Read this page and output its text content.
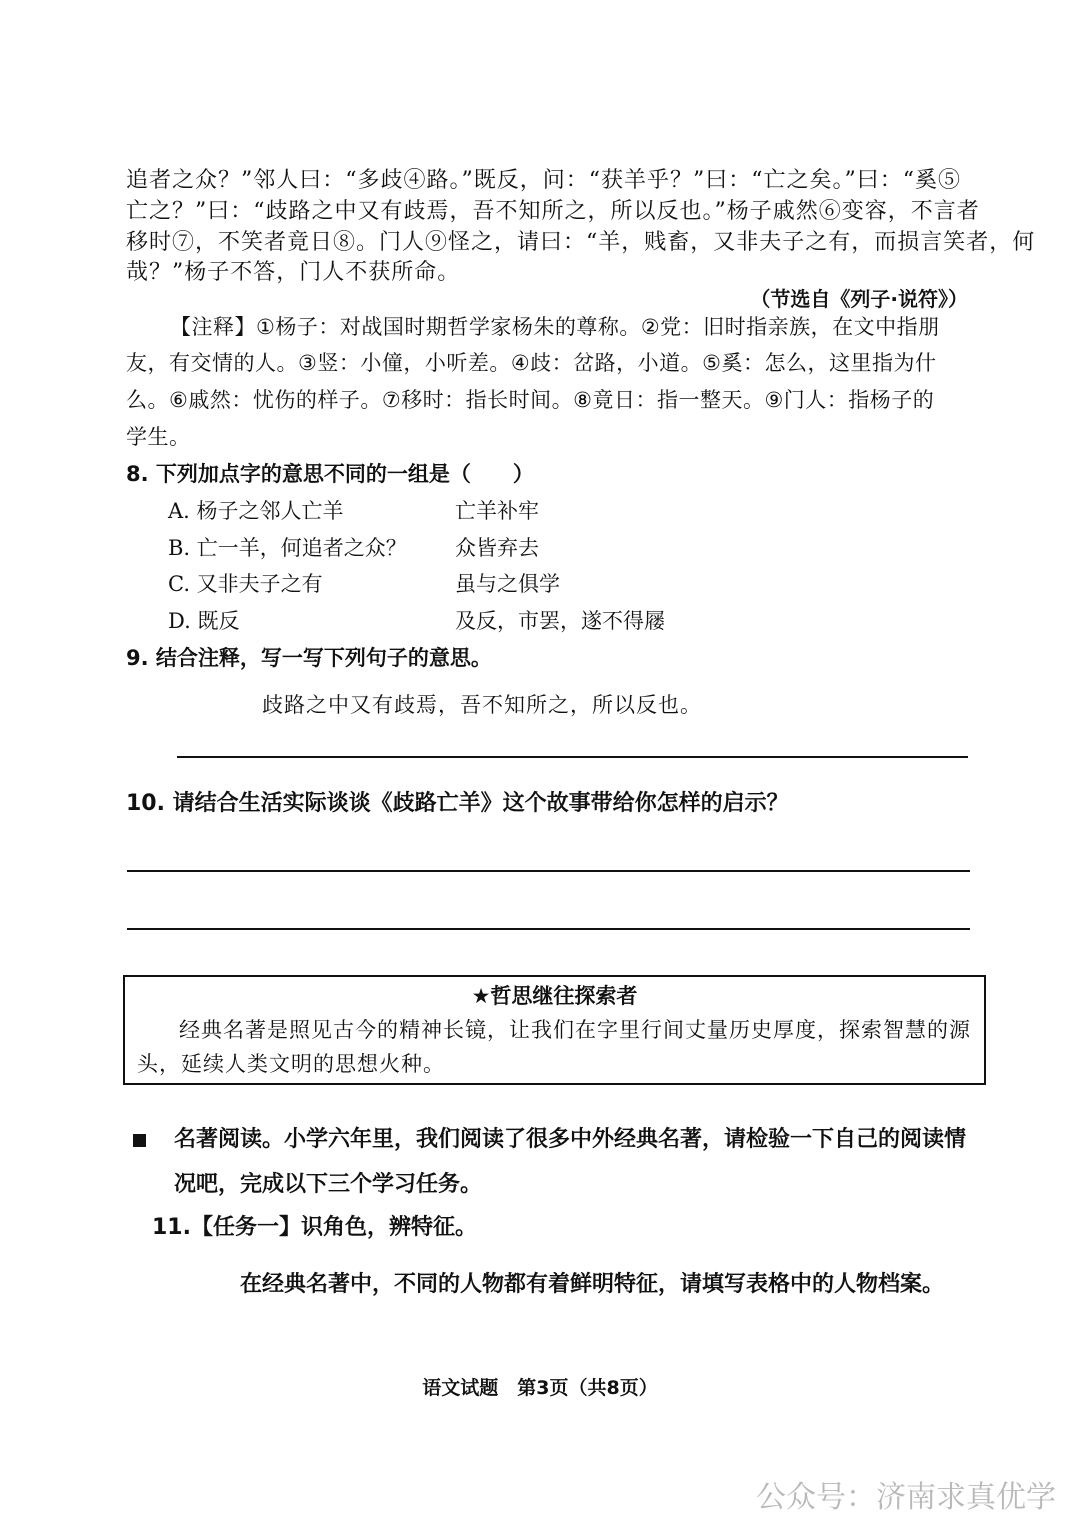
追者之众？”邻人曰：“多歧④路。”既反，问：“获羊乎？”曰：“亡之矣。”曰：“奚⑤
亡之？”曰：“歧路之中又有歧焉，吾不知所之，所以反也。”杨子戚然⑥变容，不言者
移时⑦，不笑者竟日⑧。门人⑨怪之，请曰：“羊，贱畜，又非夫子之有，而损言笑者，何
哉？”杨子不答，门人不获所命。
（节选自《列子·说符》）
【注释】①杨子：对战国时期哲学家杨朱的尊称。②党：旧时指亲族，在文中指朋
友，有交情的人。③竖：小僮，小听差。④歧：岔路，小道。⑤奚：怎么，这里指为什
么。⑥戚然：忧伤的样子。⑦移时：指长时间。⑧竟日：指一整天。⑨门人：指杨子的
学生。
8. 下列加点字的意思不同的一组是（　　）
A. 杨子之邻人亡羊	亡羊补牢
B. 亡一羊，何追者之众？ 众皆弃去
C. 又非夫子之有	虽与之俱学
D. 既反	及反，市罢，遂不得屦
9. 结合注释，写一写下列句子的意思。
歧路之中又有歧焉，吾不知所之，所以反也。
10. 请结合生活实际谈谈《歧路亡羊》这个故事带给你怎样的启示？
★哲思继往探索者
经典名著是照见古今的精神长镜，让我们在字里行间丈量历史厚度，探索智慧的源
头，延续人类文明的思想火种。
名著阅读。小学六年里，我们阅读了很多中外经典名著，请检验一下自己的阅读情
况吧，完成以下三个学习任务。
11.【任务一】识角色，辨特征。
在经典名著中，不同的人物都有着鲜明特征，请填写表格中的人物档案。
语文试题　第3页（共8页）
公众号：济南求真优学
